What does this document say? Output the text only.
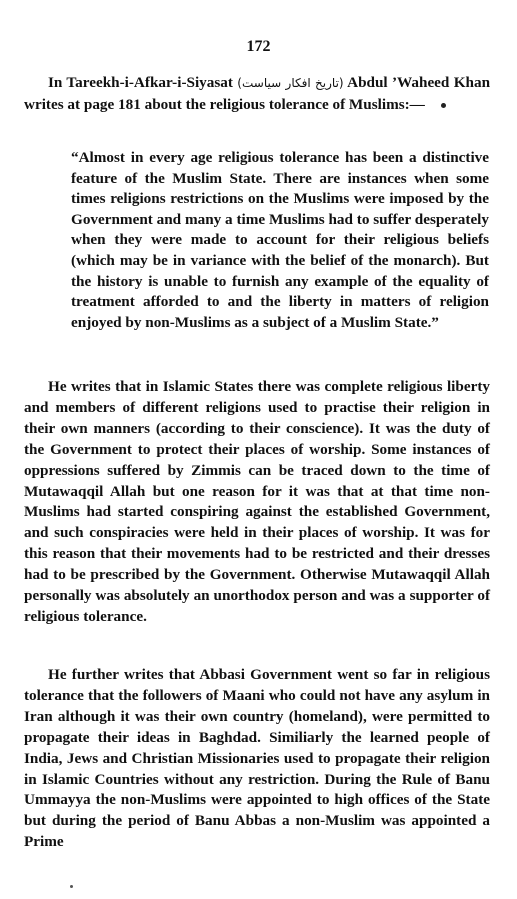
172

In Tareekh-i-Afkar-i-Siyasat (تاریخ افکار سیاست) Abdul ’Waheed Khan writes at page 181 about the religious tolerance of Muslims:—

“Almost in every age religious tolerance has been a distinctive feature of the Muslim State. There are instances when some times religions restrictions on the Muslims were imposed by the Government and many a time Muslims had to suffer desperately when they were made to account for their religious beliefs (which may be in variance with the belief of the monarch). But the history is unable to furnish any example of the equality of treatment afforded to and the liberty in matters of religion enjoyed by non-Muslims as a subject of a Muslim State.”

He writes that in Islamic States there was complete religious liberty and members of different religions used to practise their religion in their own manners (according to their conscience). It was the duty of the Government to protect their places of worship. Some instances of oppressions suffered by Zimmis can be traced down to the time of Mutawaqqil Allah but one reason for it was that at that time non-Muslims had started conspiring against the established Government, and such conspiracies were held in their places of worship. It was for this reason that their movements had to be restricted and their dresses had to be prescribed by the Government. Otherwise Mutawaqqil Allah personally was absolutely an unorthodox person and was a supporter of religious tolerance.

He further writes that Abbasi Government went so far in religious tolerance that the followers of Maani who could not have any asylum in Iran although it was their own country (homeland), were permitted to propagate their ideas in Baghdad. Similiarly the learned people of India, Jews and Christian Missionaries used to propagate their religion in Islamic Countries without any restriction. During the Rule of Banu Ummayya the non-Muslims were appointed to high offices of the State but during the period of Banu Abbas a non-Muslim was appointed a Prime
